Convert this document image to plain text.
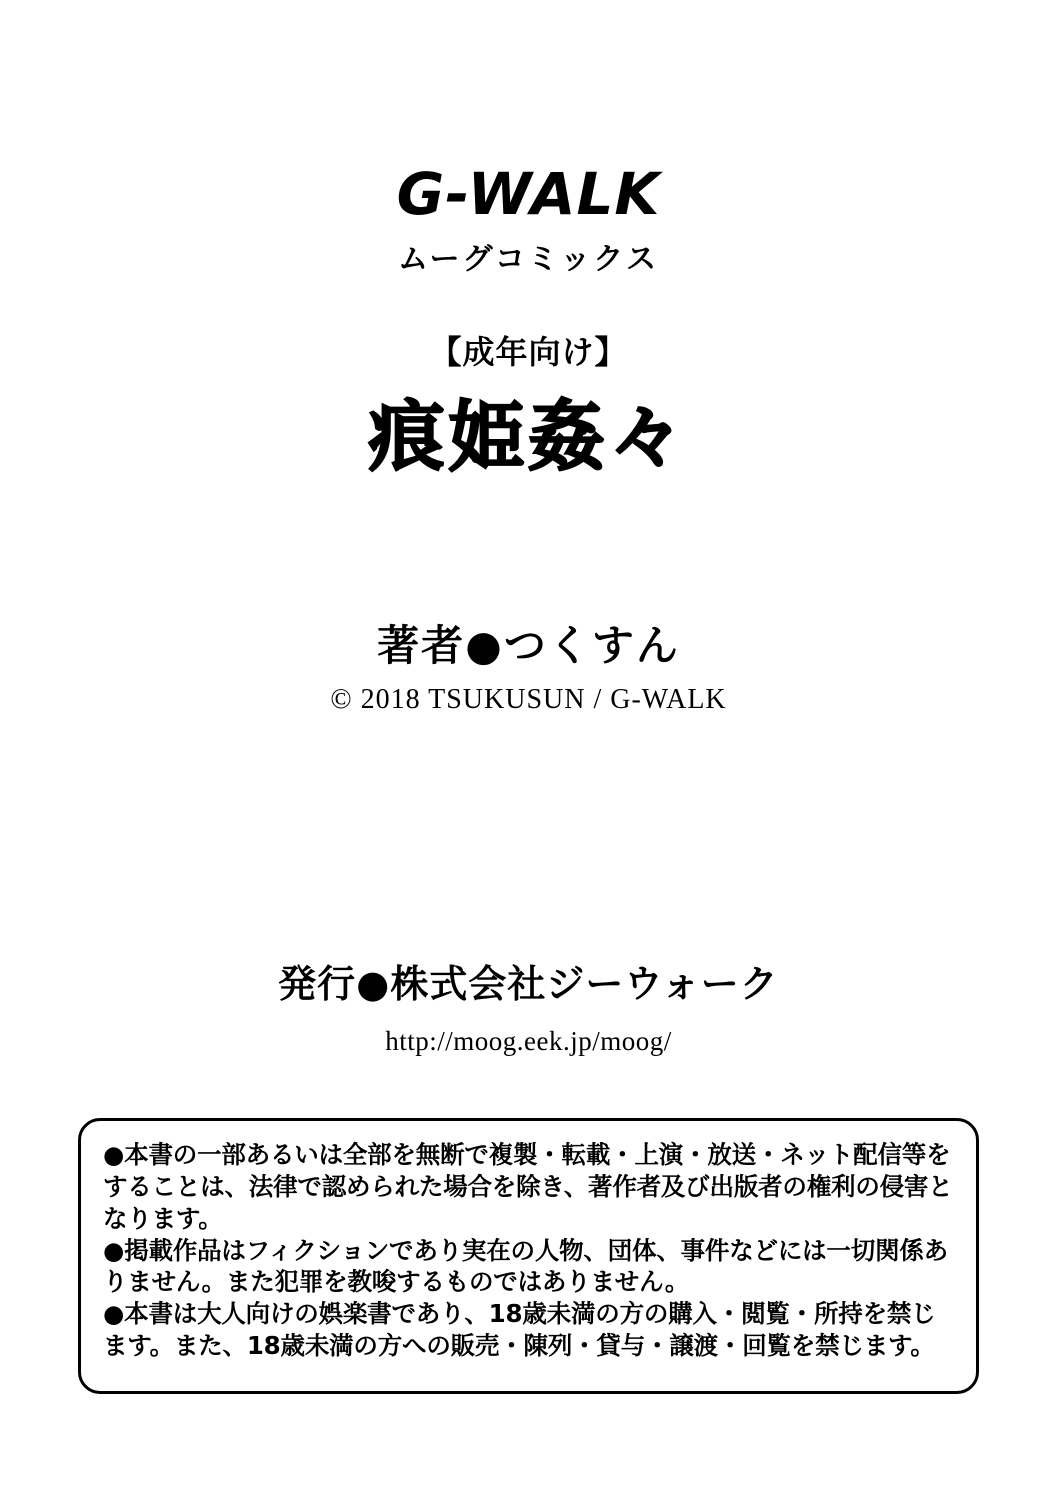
G-WALK
ムーグコミックス
【成年向け】
痕姫姦々
著者●つくすん
© 2018 TSUKUSUN / G-WALK
発行●株式会社ジーウォーク
http://moog.eek.jp/moog/
●本書の一部あるいは全部を無断で複製・転載・上演・放送・ネット配信等をすることは、法律で認められた場合を除き、著作者及び出版者の権利の侵害となります。
●掲載作品はフィクションであり実在の人物、団体、事件などには一切関係ありません。また犯罪を教唆するものではありません。
●本書は大人向けの娯楽書であり、18歳未満の方の購入・閲覧・所持を禁じます。また、18歳未満の方への販売・陳列・貸与・譲渡・回覧を禁じます。
